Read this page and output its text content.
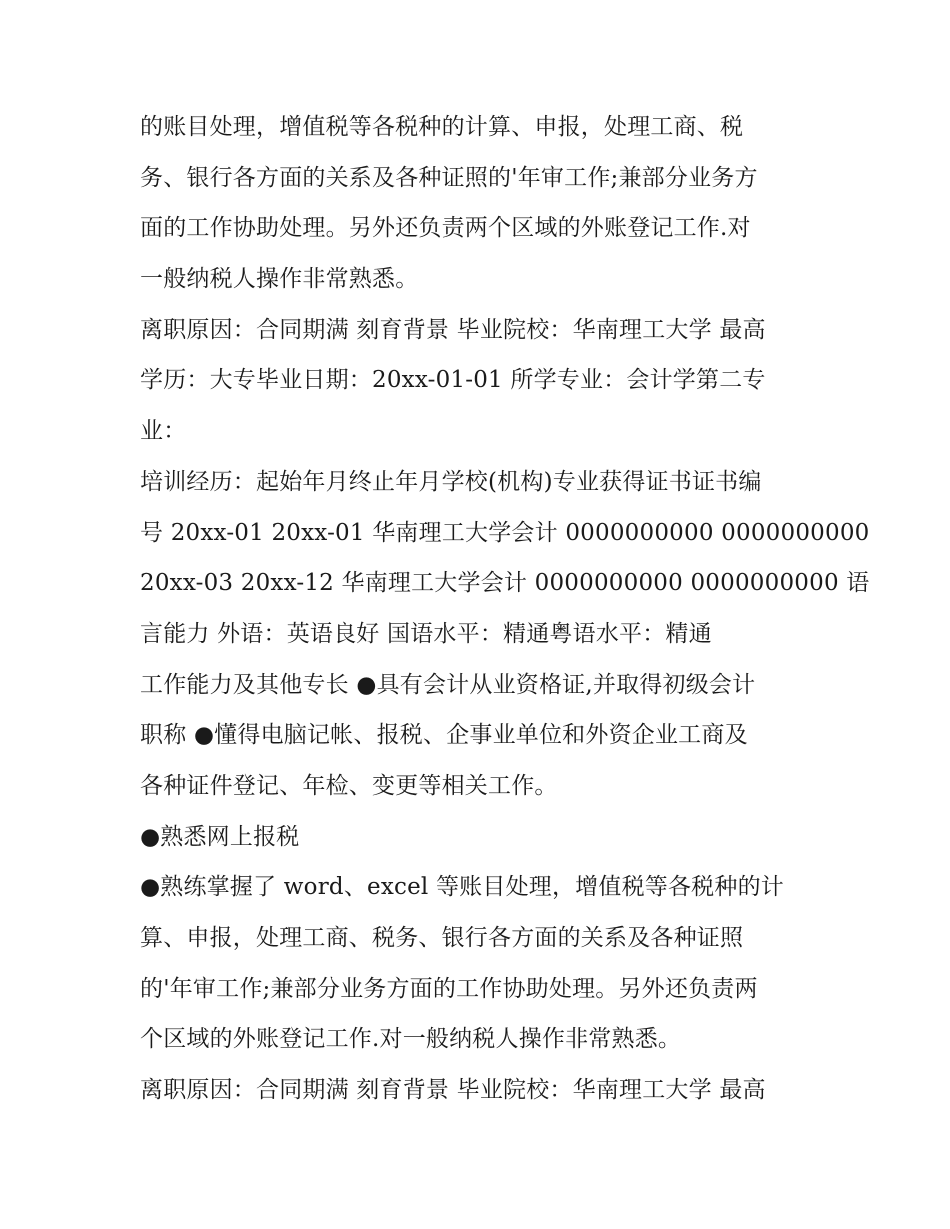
的账目处理，增值税等各税种的计算、申报，处理工商、税
务、银行各方面的关系及各种证照的'年审工作;兼部分业务方
面的工作协助处理。另外还负责两个区域的外账登记工作.对
一般纳税人操作非常熟悉。
离职原因：合同期满 刻育背景 毕业院校：华南理工大学 最高
学历：大专毕业日期：20xx-01-01 所学专业：会计学第二专
业：
培训经历：起始年月终止年月学校(机构)专业获得证书证书编
号 20xx-01 20xx-01 华南理工大学会计 0000000000 0000000000
20xx-03 20xx-12 华南理工大学会计 0000000000 0000000000 语
言能力 外语：英语良好 国语水平：精通粤语水平：精通
工作能力及其他专长 ●具有会计从业资格证,并取得初级会计
职称 ●懂得电脑记帐、报税、企事业单位和外资企业工商及
各种证件登记、年检、变更等相关工作。
●熟悉网上报税
●熟练掌握了 word、excel 等账目处理，增值税等各税种的计
算、申报，处理工商、税务、银行各方面的关系及各种证照
的'年审工作;兼部分业务方面的工作协助处理。另外还负责两
个区域的外账登记工作.对一般纳税人操作非常熟悉。
离职原因：合同期满 刻育背景 毕业院校：华南理工大学 最高
